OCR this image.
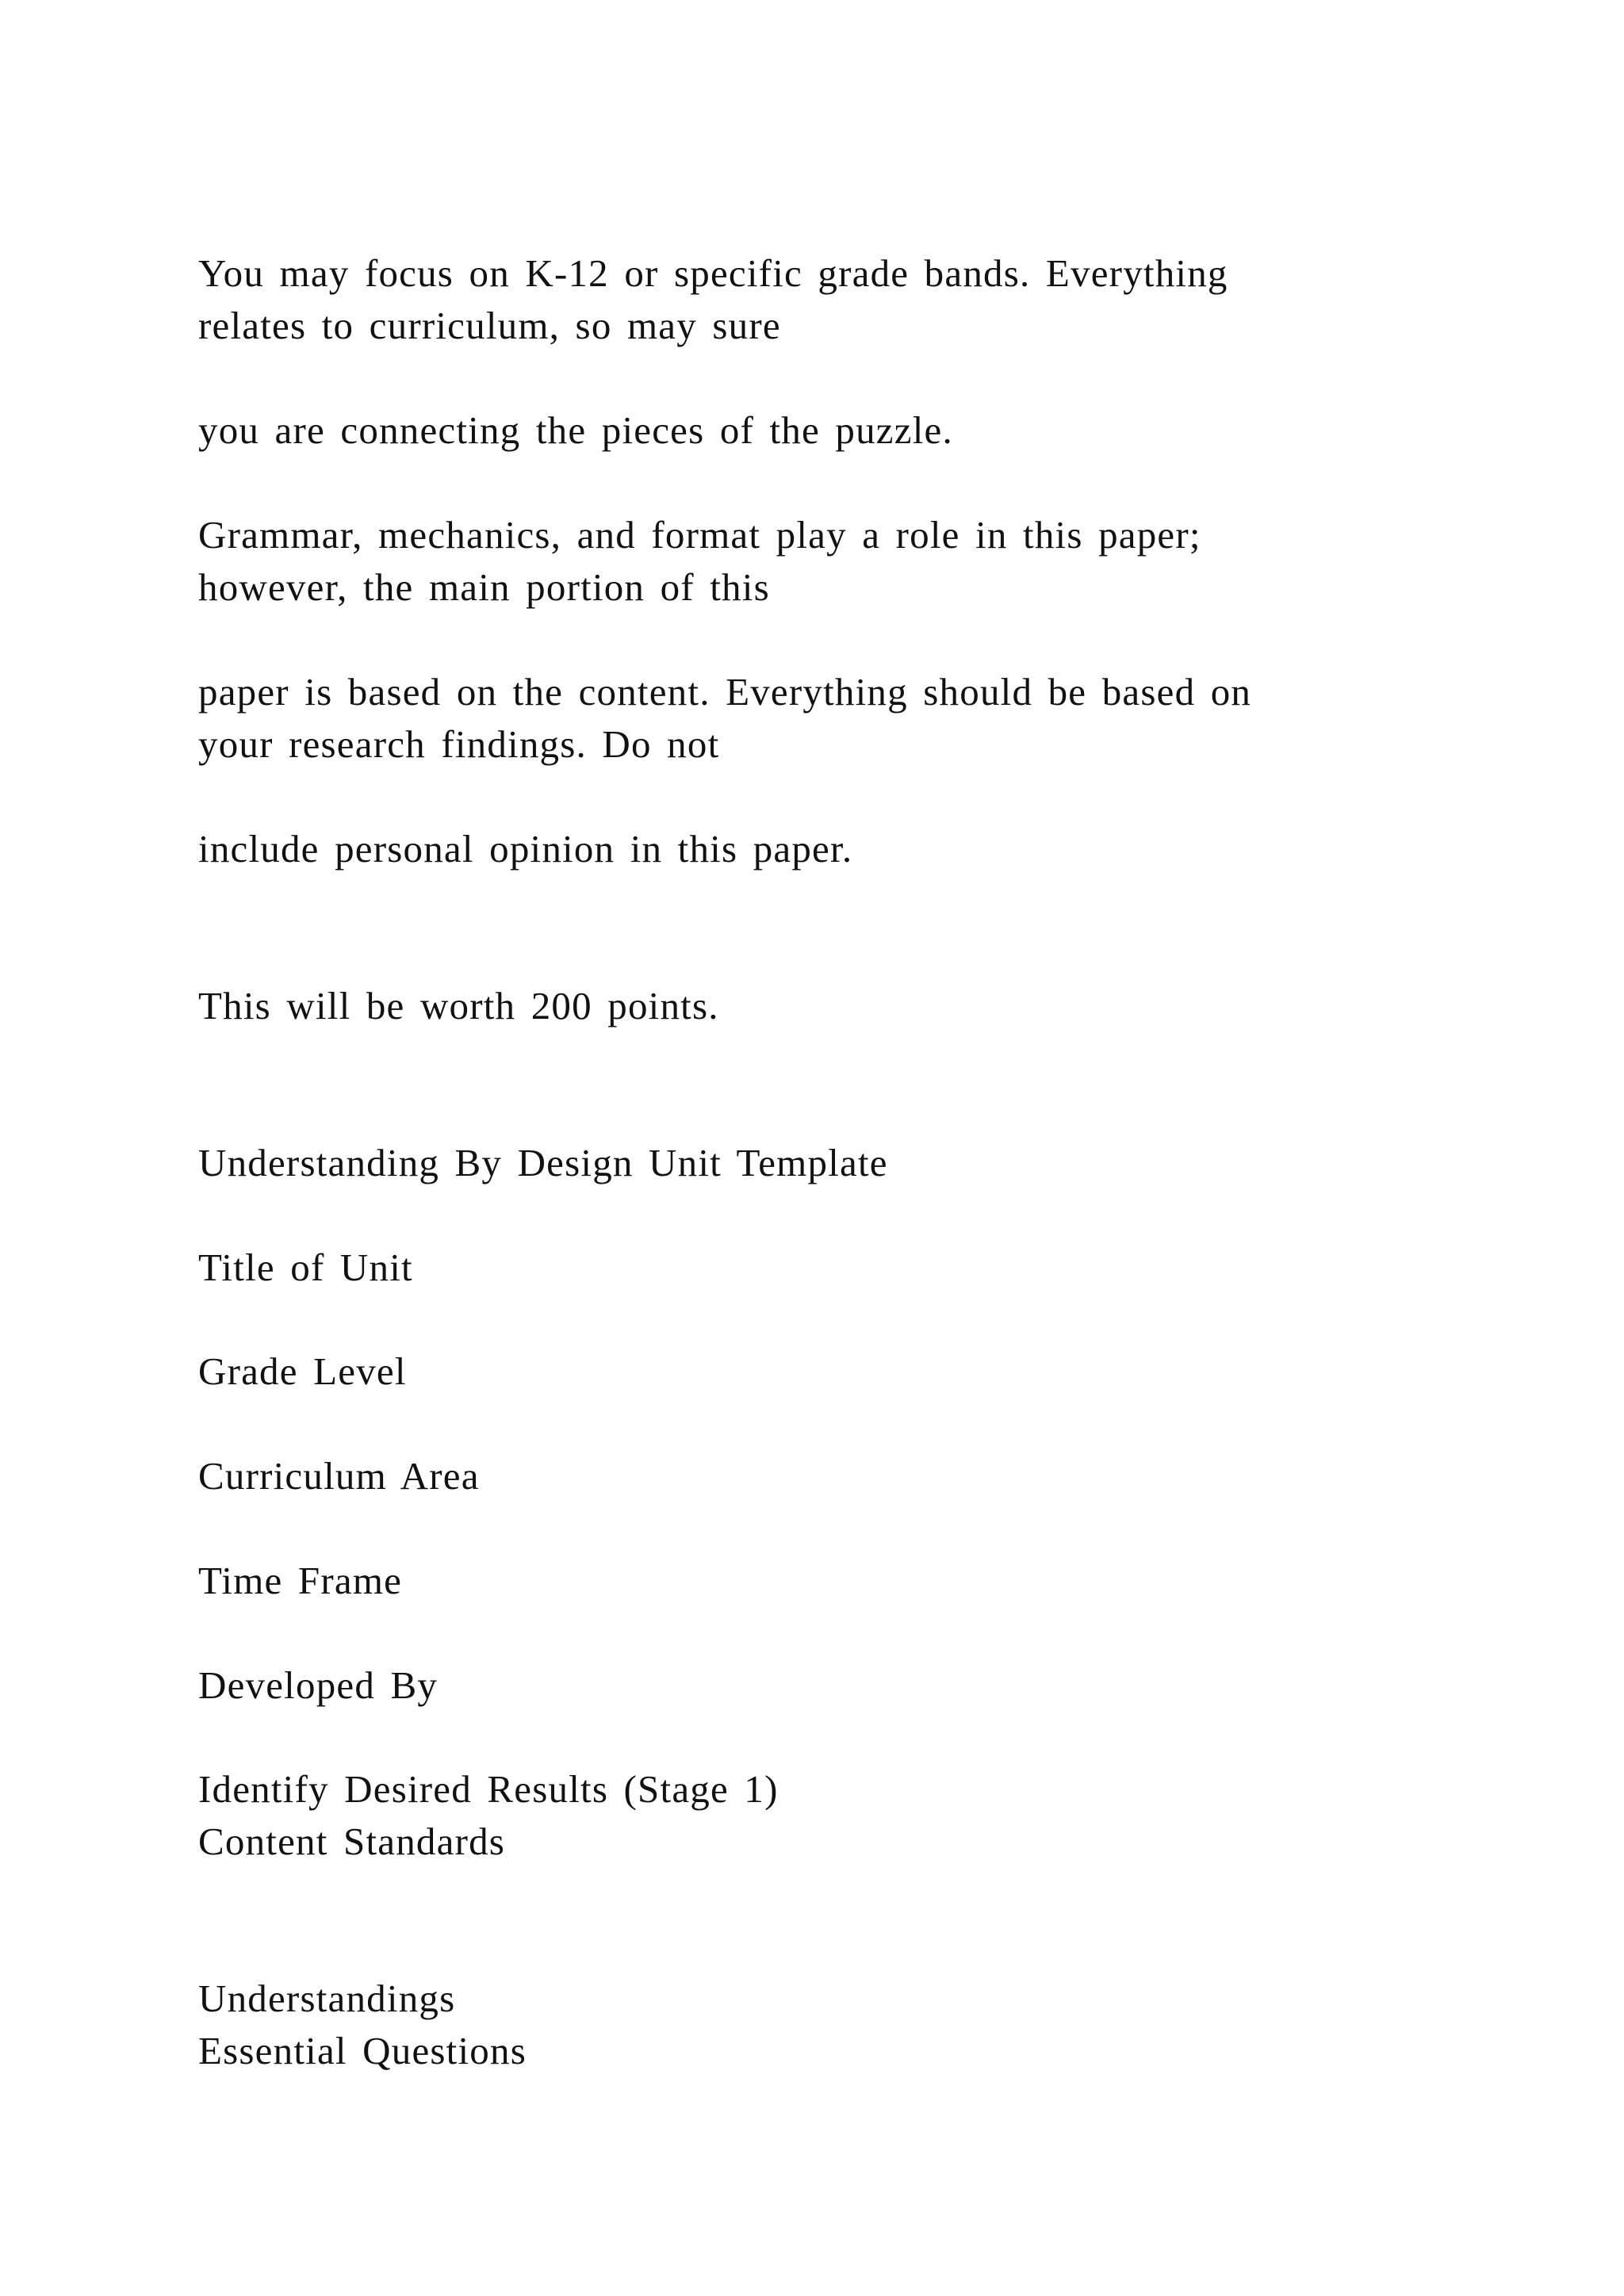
You may focus on K-12 or specific grade bands. Everything

relates to curriculum, so may sure

you are connecting the pieces of the puzzle.

Grammar, mechanics, and format play a role in this paper;

however, the main portion of this

paper is based on the content. Everything should be based on

your research findings. Do not

include personal opinion in this paper.

This will be worth 200 points.

Understanding By Design Unit Template

Title of Unit

Grade Level

Curriculum Area

Time Frame

Developed By

Identify Desired Results (Stage 1)

Content Standards

Understandings

Essential Questions
